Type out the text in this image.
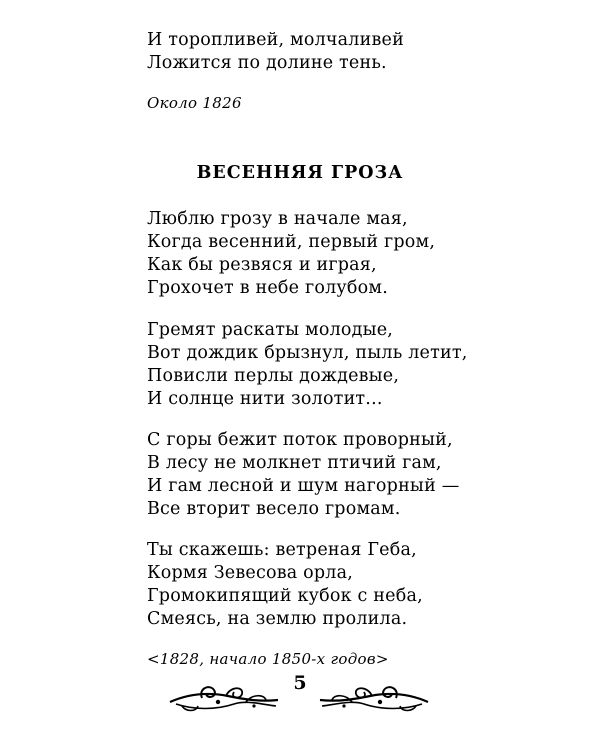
И торопливей, молчаливей
Ложится по долине тень.
Около 1826
ВЕСЕННЯЯ ГРОЗА
Люблю грозу в начале мая,
Когда весенний, первый гром,
Как бы резвяся и играя,
Грохочет в небе голубом.
Гремят раскаты молодые,
Вот дождик брызнул, пыль летит,
Повисли перлы дождевые,
И солнце нити золотит...
С горы бежит поток проворный,
В лесу не молкнет птичий гам,
И гам лесной и шум нагорный —
Все вторит весело громам.
Ты скажешь: ветреная Геба,
Кормя Зевесова орла,
Громокипящий кубок с неба,
Смеясь, на землю пролила.
<1828, начало 1850-х годов>
5
